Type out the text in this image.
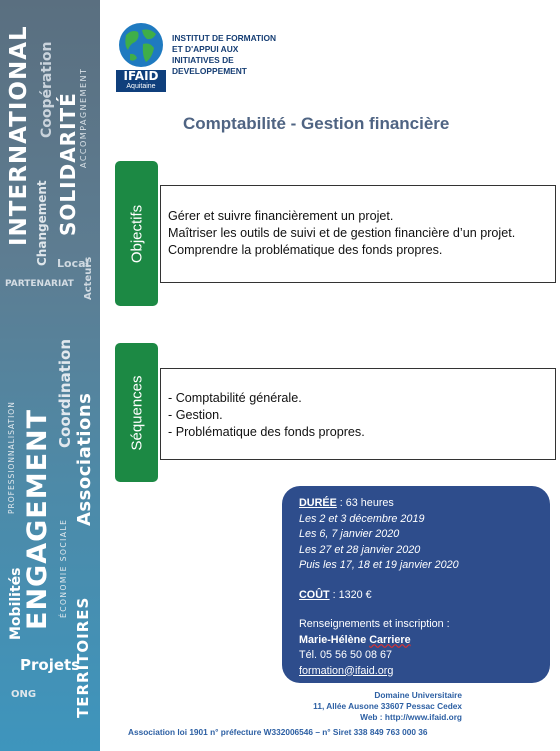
INTERNATIONAL Coopération
SOLIDARITÉ ACCOMPAGNEMENT
Changement Local
Acteurs
PARTENARIAT
PROFESSIONNALISATION ENGAGEMENT
Coordination Associations
ÉCONOMIE SOCIALE
Mobilités	TERRITOIRES
Projets
ONG
IFAID
Aquitaine
INSTITUT DE FORMATION
ET D'APPUI AUX
INITIATIVES DE
DEVELOPPEMENT
Comptabilité - Gestion financière
Objectifs Gérer et suivre financièrement un projet.
Maîtriser les outils de suivi et de gestion financière d’un projet.
Comprendre la problématique des fonds propres.
Séquences - Comptabilité générale.
- Gestion.
- Problématique des fonds propres.
DURÉE : 63 heures
Les 2 et 3 décembre 2019
Les 6, 7 janvier 2020
Les 27 et 28 janvier 2020
Puis les 17, 18 et 19 janvier 2020
COÛT : 1320 €
Renseignements et inscription :
Marie-Hélène Carriere
Tél. 05 56 50 08 67
formation@ifaid.org
Domaine Universitaire
11, Allée Ausone 33607 Pessac Cedex
Web : http://www.ifaid.org
Association loi 1901 n° préfecture W332006546 – n° Siret 338 849 763 000 36
